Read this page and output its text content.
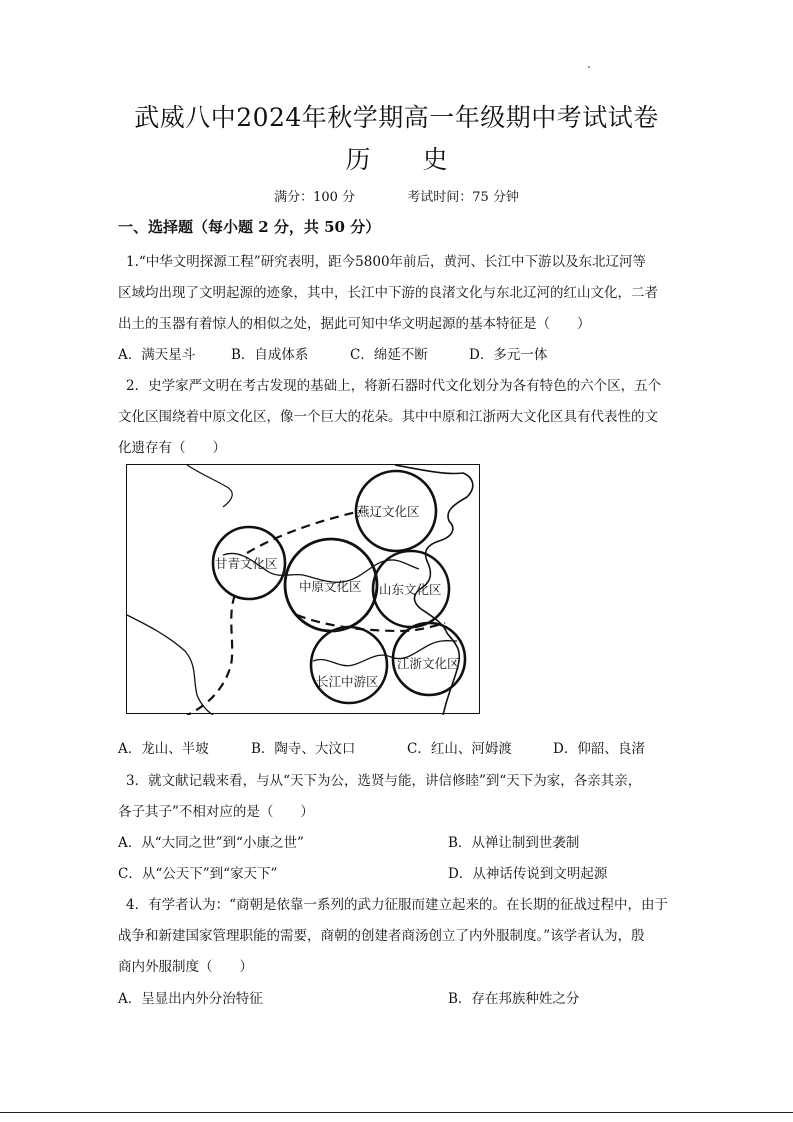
武威八中2024年秋学期高一年级期中考试试卷
历 史
满分：100 分	考试时间：75 分钟
一、选择题（每小题 2 分，共 50 分）
1.“中华文明探源工程”研究表明，距今5800年前后，黄河、长江中下游以及东北辽河等
区域均出现了文明起源的迹象，其中，长江中下游的良渚文化与东北辽河的红山文化，二者
出土的玉器有着惊人的相似之处，据此可知中华文明起源的基本特征是（　　）
A．满天星斗	B．自成体系	C．绵延不断	D．多元一体
2．史学家严文明在考古发现的基础上，将新石器时代文化划分为各有特色的六个区，五个
文化区围绕着中原文化区，像一个巨大的花朵。其中中原和江浙两大文化区具有代表性的文
化遗存有（　　）
燕辽文化区
甘青文化区
中原文化区 山东文化区
江浙文化区
长江中游区
A．龙山、半坡	B．陶寺、大汶口	C．红山、河姆渡	D．仰韶、良渚
3．就文献记载来看，与从“天下为公，选贤与能，讲信修睦”到“天下为家，各亲其亲，
各子其子”不相对应的是（　　）
A．从“大同之世”到“小康之世”	B．从禅让制到世袭制
C．从“公天下”到“家天下”	D．从神话传说到文明起源
4．有学者认为：“商朝是依靠一系列的武力征服而建立起来的。在长期的征战过程中，由于
战争和新建国家管理职能的需要，商朝的创建者商汤创立了内外服制度。”该学者认为，殷
商内外服制度（　　）
A．呈显出内外分治特征	B．存在邦族种姓之分
